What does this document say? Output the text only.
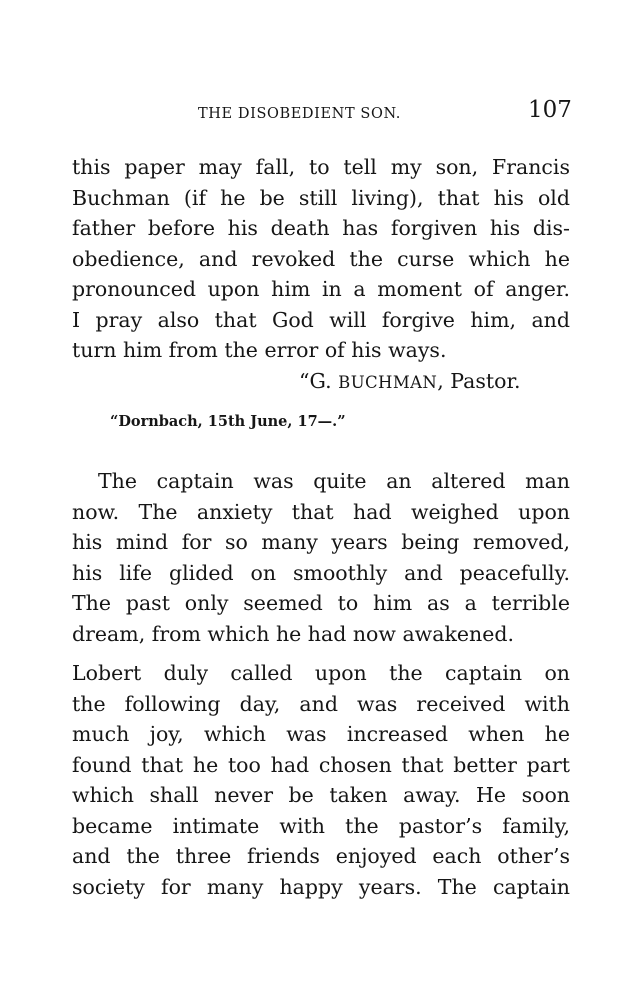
THE DISOBEDIENT SON.	107
this paper may fall, to tell my son, Francis
Buchman (if he be still living), that his old
father before his death has forgiven his dis-
obedience, and revoked the curse which he
pronounced upon him in a moment of anger.
I pray also that God will forgive him, and
turn him from the error of his ways.
“G. BUCHMAN, Pastor.
“Dornbach, 15th June, 17—.”
The captain was quite an altered man
now. The anxiety that had weighed upon
his mind for so many years being removed,
his life glided on smoothly and peacefully.
The past only seemed to him as a terrible
dream, from which he had now awakened.
Lobert duly called upon the captain on
the following day, and was received with
much joy, which was increased when he
found that he too had chosen that better part
which shall never be taken away. He soon
became intimate with the pastor’s family,
and the three friends enjoyed each other’s
society for many happy years. The captain
